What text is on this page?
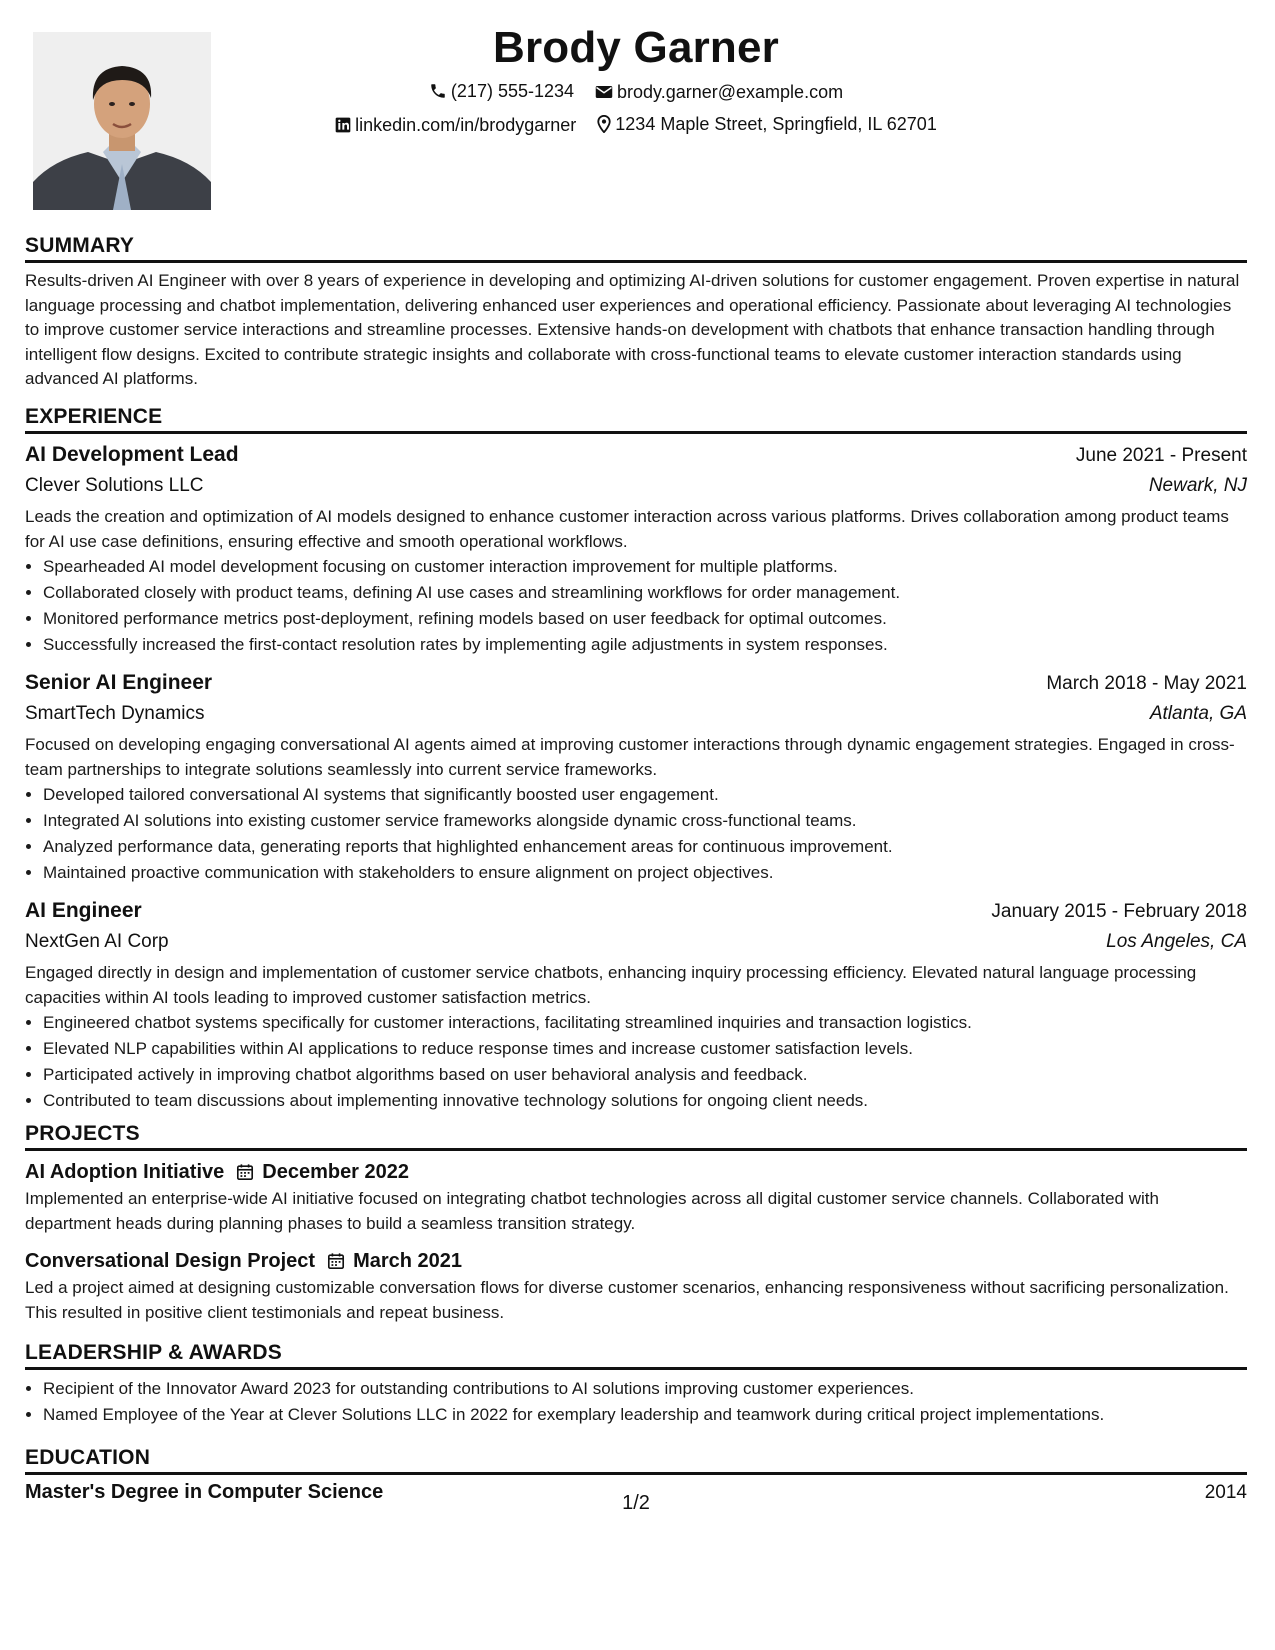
Brody Garner
(217) 555-1234
brody.garner@example.com
linkedin.com/in/brodygarner
1234 Maple Street, Springfield, IL 62701
SUMMARY

Results-driven AI Engineer with over 8 years of experience in developing and optimizing AI-driven solutions for customer engagement. Proven expertise in natural language processing and chatbot implementation, delivering enhanced user experiences and operational efficiency. Passionate about leveraging AI technologies to improve customer service interactions and streamline processes. Extensive hands-on development with chatbots that enhance transaction handling through intelligent flow designs. Excited to contribute strategic insights and collaborate with cross-functional teams to elevate customer interaction standards using advanced AI platforms.

EXPERIENCE
AI Development Lead	June 2021 - Present
Clever Solutions LLC	Newark, NJ

Leads the creation and optimization of AI models designed to enhance customer interaction across various platforms. Drives collaboration among product teams for AI use case definitions, ensuring effective and smooth operational workflows.

• Spearheaded AI model development focusing on customer interaction improvement for multiple platforms.
• Collaborated closely with product teams, defining AI use cases and streamlining workflows for order management.
• Monitored performance metrics post-deployment, refining models based on user feedback for optimal outcomes.
• Successfully increased the first-contact resolution rates by implementing agile adjustments in system responses.
Senior AI Engineer	March 2018 - May 2021
SmartTech Dynamics	Atlanta, GA

Focused on developing engaging conversational AI agents aimed at improving customer interactions through dynamic engagement strategies. Engaged in cross-team partnerships to integrate solutions seamlessly into current service frameworks.

• Developed tailored conversational AI systems that significantly boosted user engagement.
• Integrated AI solutions into existing customer service frameworks alongside dynamic cross-functional teams.
• Analyzed performance data, generating reports that highlighted enhancement areas for continuous improvement.
• Maintained proactive communication with stakeholders to ensure alignment on project objectives.
AI Engineer	January 2015 - February 2018
NextGen AI Corp	Los Angeles, CA

Engaged directly in design and implementation of customer service chatbots, enhancing inquiry processing efficiency. Elevated natural language processing capacities within AI tools leading to improved customer satisfaction metrics.

• Engineered chatbot systems specifically for customer interactions, facilitating streamlined inquiries and transaction logistics.
• Elevated NLP capabilities within AI applications to reduce response times and increase customer satisfaction levels.
• Participated actively in improving chatbot algorithms based on user behavioral analysis and feedback.
• Contributed to team discussions about implementing innovative technology solutions for ongoing client needs.
PROJECTS
AI Adoption Initiative December 2022

Implemented an enterprise-wide AI initiative focused on integrating chatbot technologies across all digital customer service channels. Collaborated with department heads during planning phases to build a seamless transition strategy.

Conversational Design Project March 2021

Led a project aimed at designing customizable conversation flows for diverse customer scenarios, enhancing responsiveness without sacrificing personalization. This resulted in positive client testimonials and repeat business.

LEADERSHIP & AWARDS
• Recipient of the Innovator Award 2023 for outstanding contributions to AI solutions improving customer experiences.
• Named Employee of the Year at Clever Solutions LLC in 2022 for exemplary leadership and teamwork during critical project implementations.
EDUCATION
Master's Degree in Computer Science	2014
1/2
